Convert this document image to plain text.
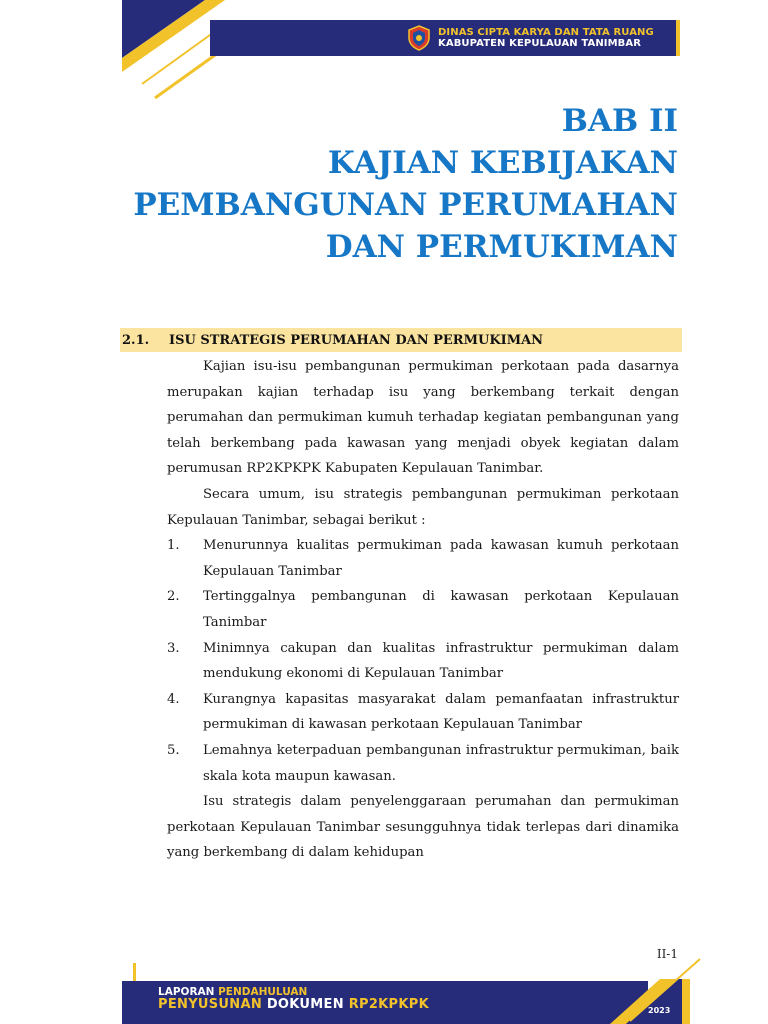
DINAS CIPTA KARYA DAN TATA RUANG
KABUPATEN KEPULAUAN TANIMBAR
BAB II
KAJIAN KEBIJAKAN
PEMBANGUNAN PERUMAHAN
DAN PERMUKIMAN
2.1.	ISU STRATEGIS PERUMAHAN DAN PERMUKIMAN

Kajian isu-isu pembangunan permukiman perkotaan pada dasarnya merupakan kajian terhadap isu yang berkembang terkait dengan perumahan dan permukiman kumuh terhadap kegiatan pembangunan yang telah berkembang pada kawasan yang menjadi obyek kegiatan dalam perumusan RP2KPKPK Kabupaten Kepulauan Tanimbar.

Secara umum, isu strategis pembangunan permukiman perkotaan Kepulauan Tanimbar, sebagai berikut :

1. Menurunnya kualitas permukiman pada kawasan kumuh perkotaan Kepulauan Tanimbar
2. Tertinggalnya pembangunan di kawasan perkotaan Kepulauan Tanimbar
3. Minimnya cakupan dan kualitas infrastruktur permukiman dalam mendukung ekonomi di Kepulauan Tanimbar
4. Kurangnya kapasitas masyarakat dalam pemanfaatan infrastruktur permukiman di kawasan perkotaan Kepulauan Tanimbar
5. Lemahnya keterpaduan pembangunan infrastruktur permukiman, baik skala kota maupun kawasan.

Isu strategis dalam penyelenggaraan perumahan dan permukiman perkotaan Kepulauan Tanimbar sesungguhnya tidak terlepas dari dinamika yang berkembang di dalam kehidupan

II-1
LAPORAN PENDAHULUAN
PENYUSUNAN DOKUMEN RP2KPKPK	2023
